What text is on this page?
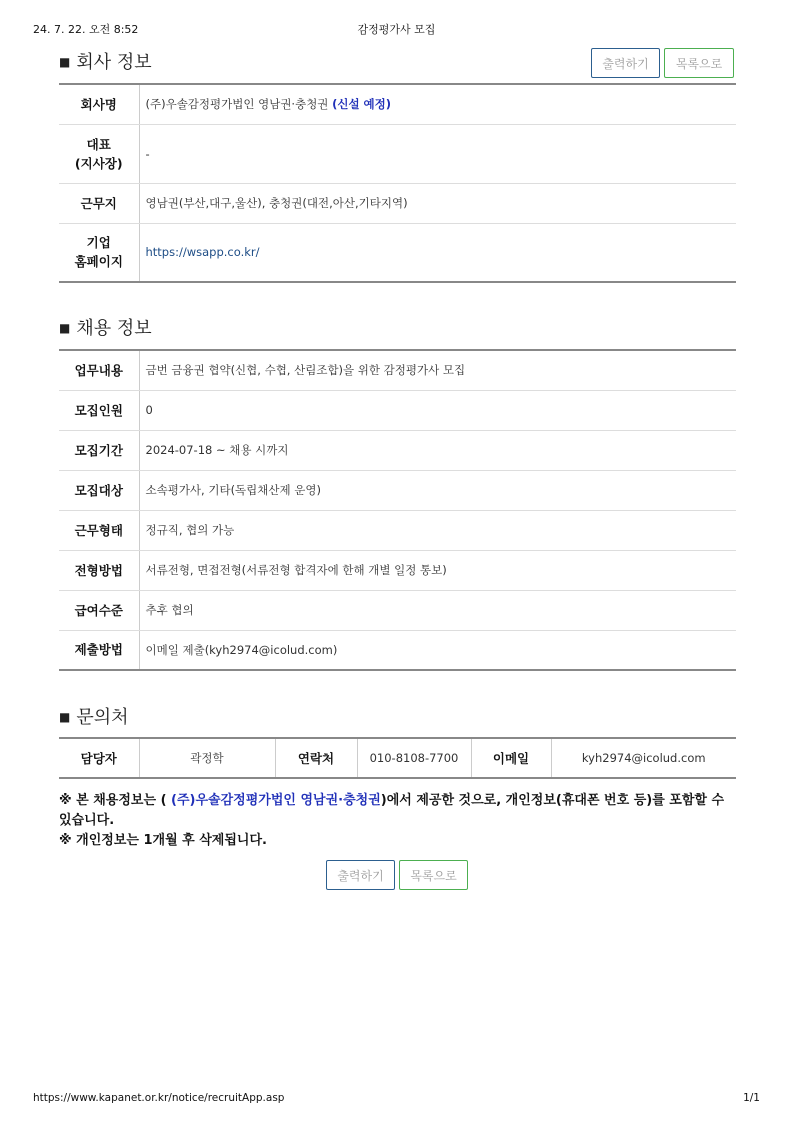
24. 7. 22. 오전 8:52	감정평가사 모집
■ 회사 정보	출력하기	목록으로
회사명	(주)우솔감정평가법인 영남권·충청권 (신설 예정)

대표
(지사장)	-
근무지	영남권(부산,대구,울산), 충청권(대전,아산,기타지역)

기업
홈페이지	https://wsapp.co.kr/
■ 채용 정보
업무내용	금번 금융권 협약(신협, 수협, 산림조합)을 위한 감정평가사 모집
모집인원	0
모집기간	2024-07-18 ~ 채용 시까지
모집대상	소속평가사, 기타(독립채산제 운영)
근무형태	정규직, 협의 가능
전형방법	서류전형, 면접전형(서류전형 합격자에 한해 개별 일정 통보)
급여수준	추후 협의
제출방법	이메일 제출(kyh2974@icolud.com)
■ 문의처
담당자	곽정학	연락처	010-8108-7700	이메일	kyh2974@icolud.com
※ 본 채용정보는 ( (주)우솔감정평가법인 영남권·충청권)에서 제공한 것으로, 개인정보(휴대폰 번호 등)를 포함할 수 있습니다.
※ 개인정보는 1개월 후 삭제됩니다.
출력하기	목록으로
https://www.kapanet.or.kr/notice/recruitApp.asp	1/1
